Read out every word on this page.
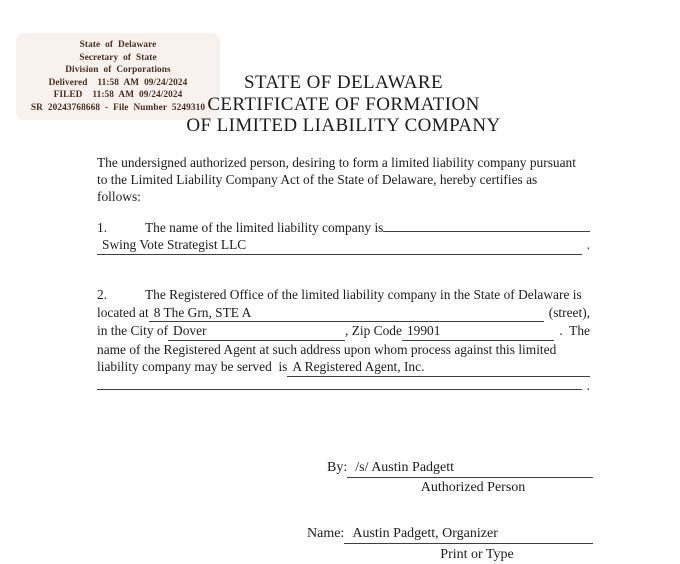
State of Delaware
Secretary of State
Division of Corporations
Delivered  11:58 AM 09/24/2024
FILED  11:58 AM 09/24/2024
SR 20243768668 - File Number 5249310
STATE OF DELAWARE
CERTIFICATE OF FORMATION
OF LIMITED LIABILITY COMPANY
The undersigned authorized person, desiring to form a limited liability company pursuant
to the Limited Liability Company Act of the State of Delaware, hereby certifies as
follows:
1.	The name of the limited liability company is
Swing Vote Strategist LLC	.
2.	The Registered Office of the limited liability company in the State of Delaware is
located at 8 The Grn, STE A	(street),
in the City of Dover	, Zip Code 19901	.  The
name of the Registered Agent at such address upon whom process against this limited
liability company may be served  is A Registered Agent, Inc.
.
By: /s/ Austin Padgett
Authorized Person
Name: Austin Padgett, Organizer
Print or Type
